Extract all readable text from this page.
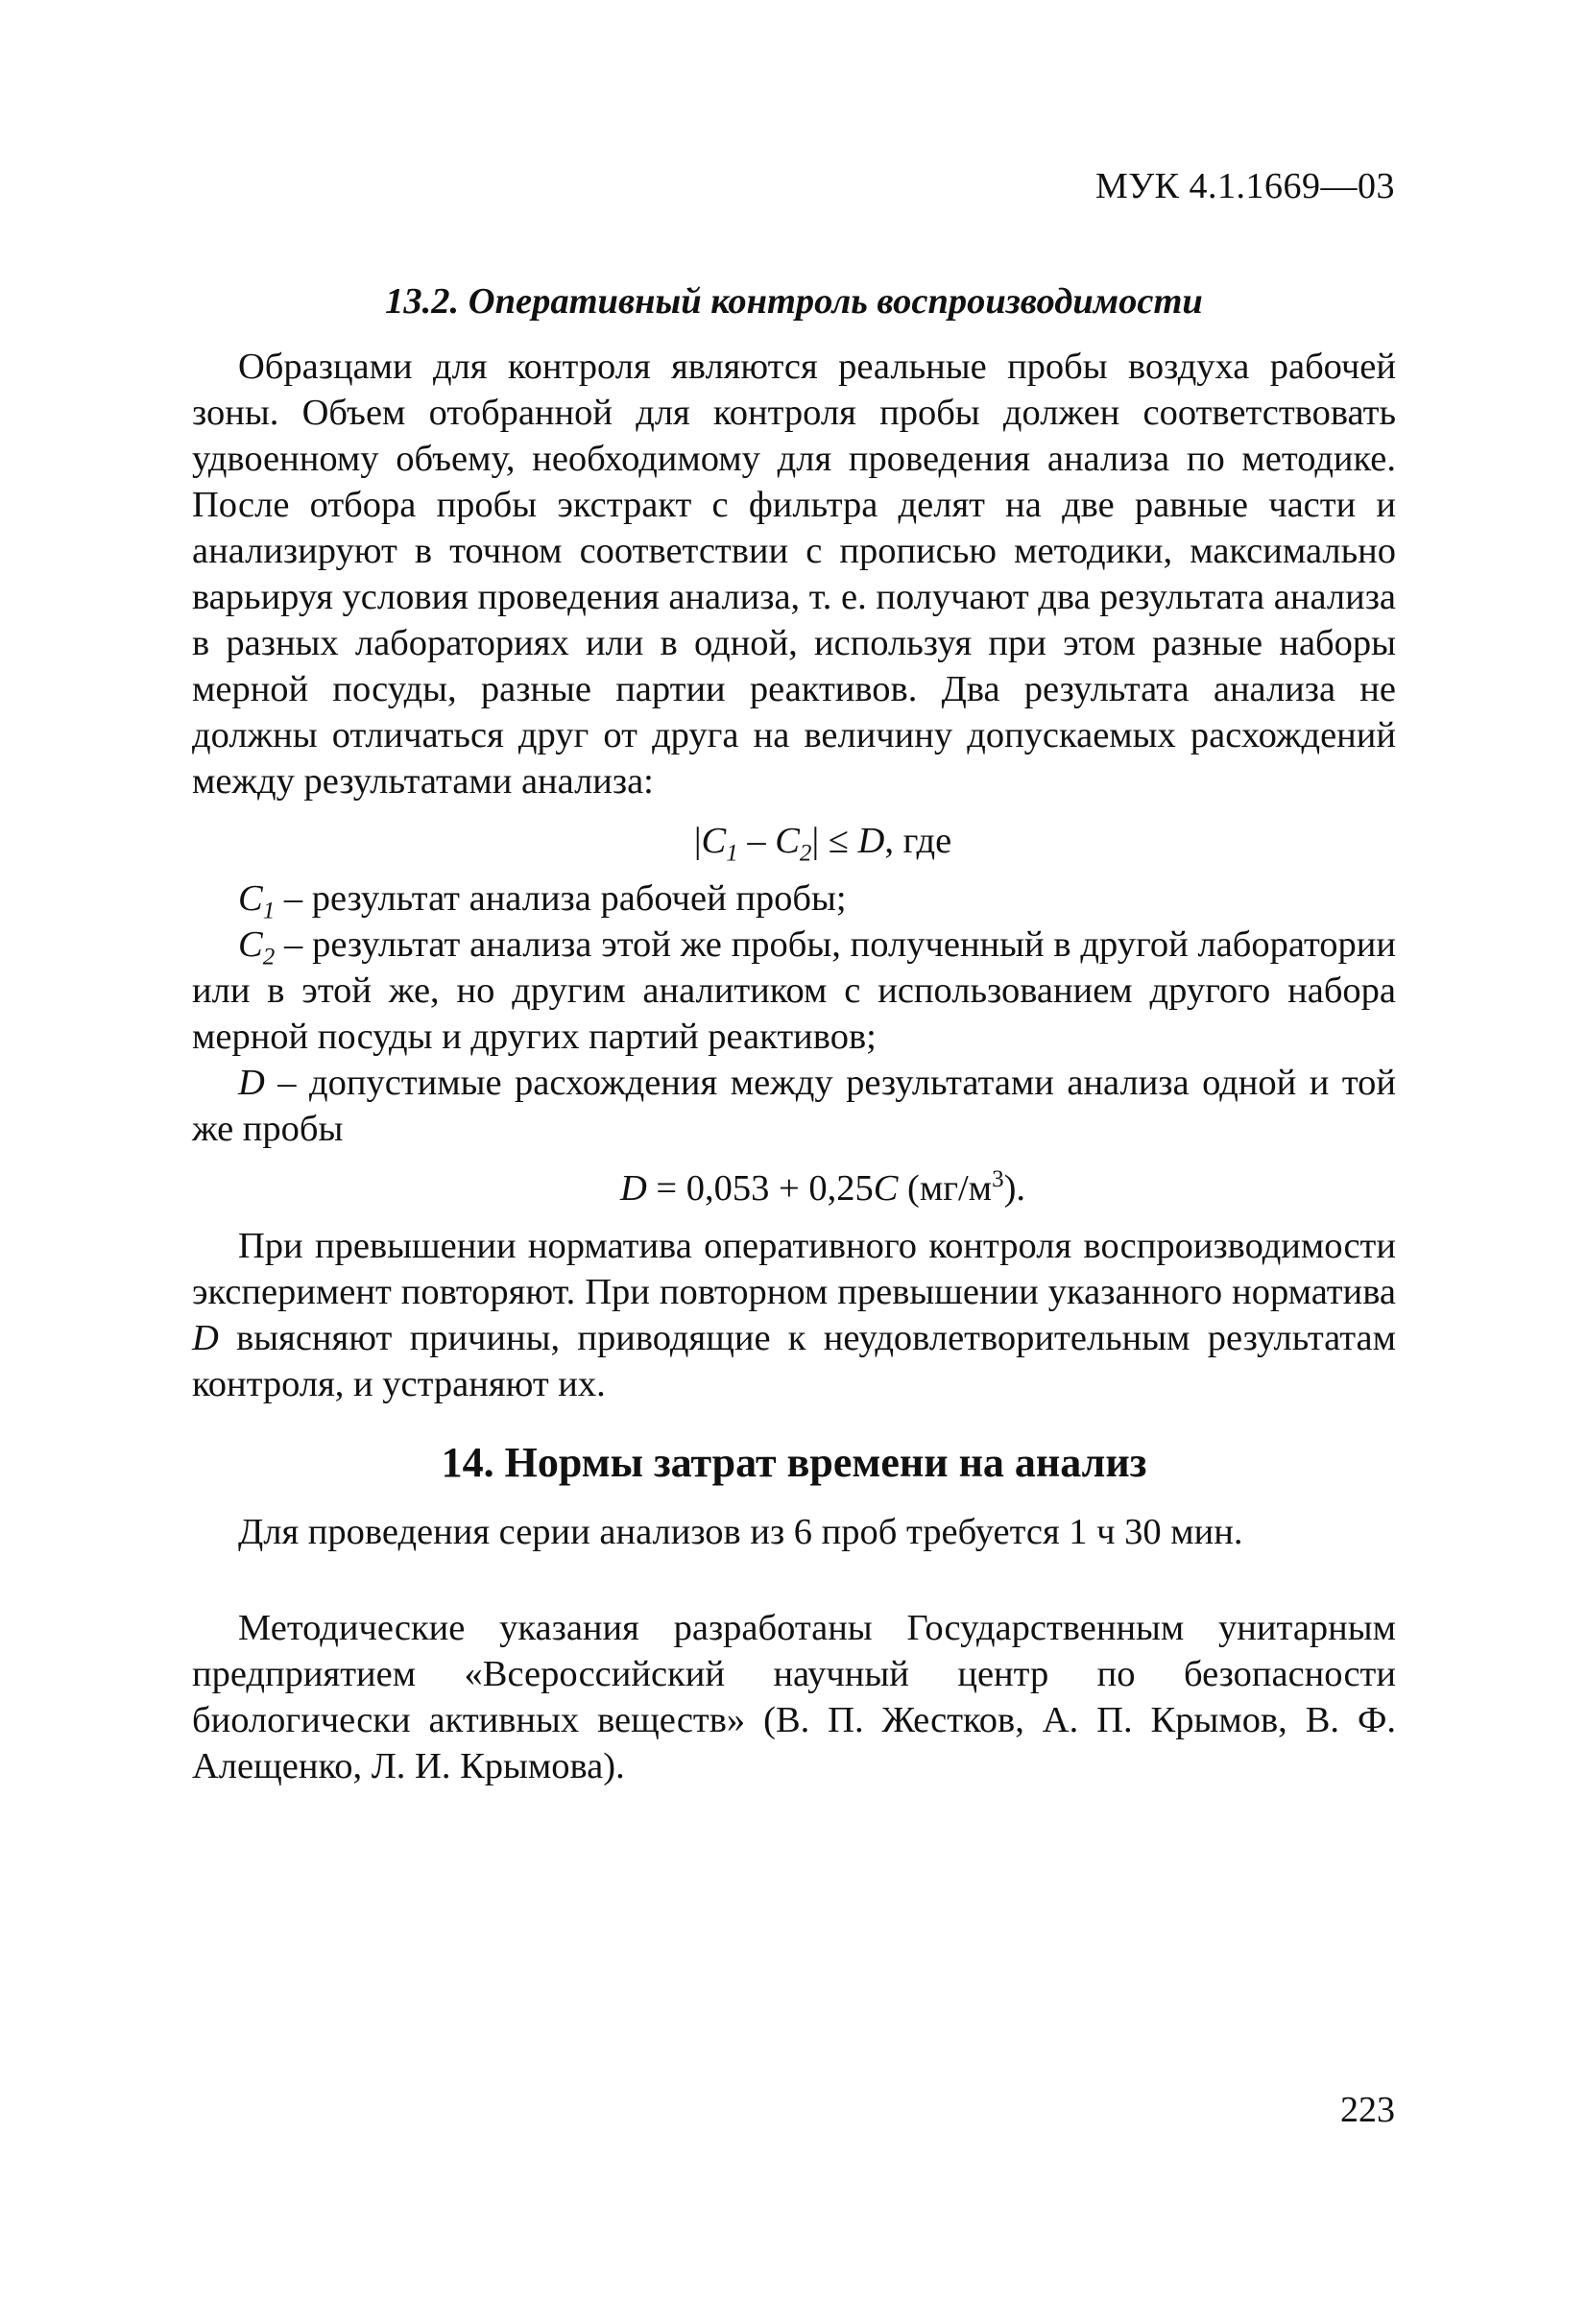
МУК 4.1.1669—03
13.2. Оперативный контроль воспроизводимости

Образцами для контроля являются реальные пробы воздуха рабочей зоны. Объем отобранной для контроля пробы должен соответствовать удвоенному объему, необходимому для проведения анализа по методике. После отбора пробы экстракт с фильтра делят на две равные части и анализируют в точном соответствии с прописью методики, максимально варьируя условия проведения анализа, т. е. получают два результата анализа в разных лабораториях или в одной, используя при этом разные наборы мерной посуды, разные партии реактивов. Два результата анализа не должны отличаться друг от друга на величину допускаемых расхождений между результатами анализа:

$|C_1 - C_2| \le D$, где

$C_1$ – результат анализа рабочей пробы;

$C_2$ – результат анализа этой же пробы, полученный в другой лаборатории или в этой же, но другим аналитиком с использованием другого набора мерной посуды и других партий реактивов;

D – допустимые расхождения между результатами анализа одной и той же пробы

D = 0,053 + 0,25C $(мг/м^3)$.

При превышении норматива оперативного контроля воспроизводимости эксперимент повторяют. При повторном превышении указанного норматива D выясняют причины, приводящие к неудовлетворительным результатам контроля, и устраняют их.

14. Нормы затрат времени на анализ

Для проведения серии анализов из 6 проб требуется 1 ч 30 мин.

Методические указания разработаны Государственным унитарным предприятием «Всероссийский научный центр по безопасности биологически активных веществ» (В. П. Жестков, А. П. Крымов, В. Ф. Алещенко, Л. И. Крымова).

223
